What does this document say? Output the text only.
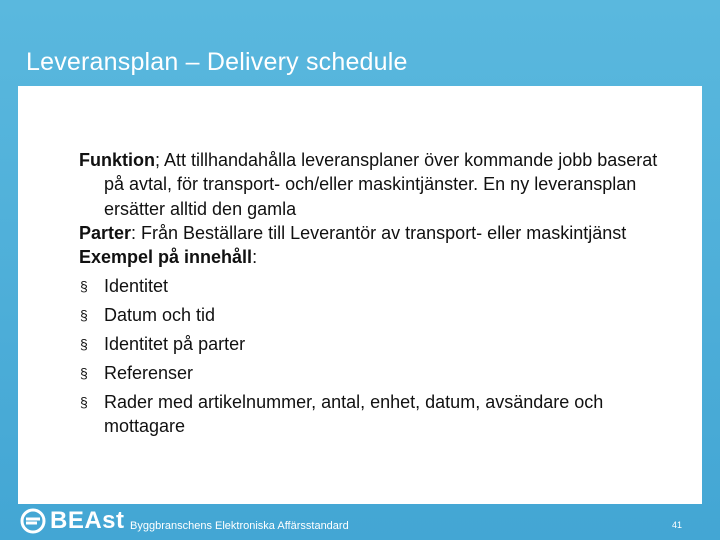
Leveransplan – Delivery schedule

Funktion; Att tillhandahålla leveransplaner över kommande jobb baserat på avtal, för transport- och/eller maskintjänster. En ny leveransplan ersätter alltid den gamla

Parter: Från Beställare till Leverantör av transport- eller maskintjänst

Exempel på innehåll:

§ Identitet

§ Datum och tid

§ Identitet på parter

§ Referenser

§ Rader med artikelnummer, antal, enhet, datum, avsändare och mottagare

BEAst Byggbranschens Elektroniska Affärsstandard	41
